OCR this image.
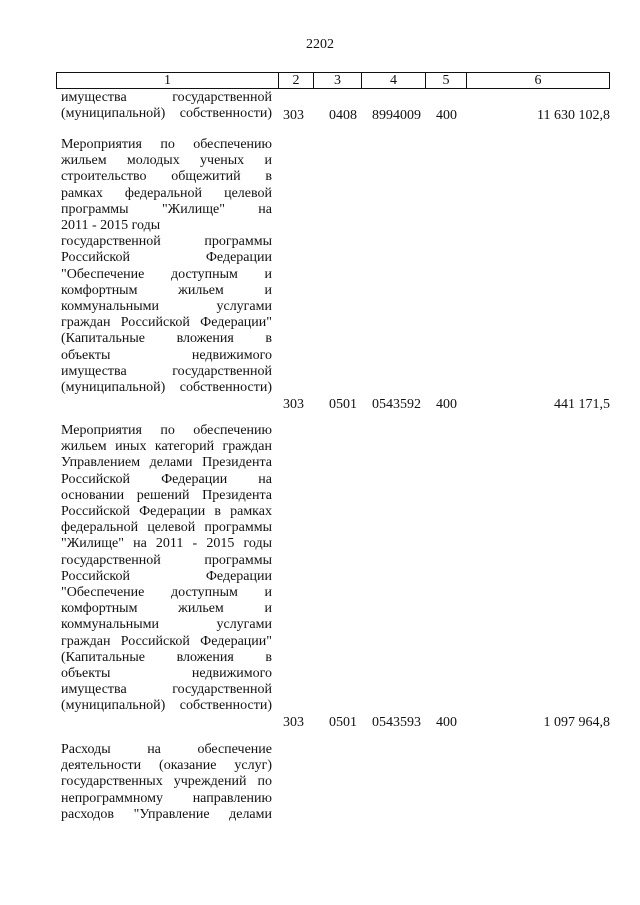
2202
1	2	3	4	5	6
имущества государственной
(муниципальной) собственности) 303 0408 8994009 400	11 630 102,8
Мероприятия по обеспечению
жильем молодых ученых и
строительство общежитий в
рамках федеральной целевой
программы "Жилище" на
2011 - 2015 годы
государственной программы
Российской Федерации
"Обеспечение доступным и
комфортным жильем и
коммунальными услугами
граждан Российской Федерации"
(Капитальные вложения в
объекты недвижимого
имущества государственной
(муниципальной) собственности)
303 0501 0543592 400	441 171,5
Мероприятия по обеспечению
жильем иных категорий граждан
Управлением делами Президента
Российской Федерации на
основании решений Президента
Российской Федерации в рамках
федеральной целевой программы
"Жилище" на 2011 - 2015 годы
государственной программы
Российской Федерации
"Обеспечение доступным и
комфортным жильем и
коммунальными услугами
граждан Российской Федерации"
(Капитальные вложения в
объекты недвижимого
имущества государственной
(муниципальной) собственности)
303 0501 0543593 400	1 097 964,8
Расходы на обеспечение
деятельности (оказание услуг)
государственных учреждений по
непрограммному направлению
расходов "Управление делами
